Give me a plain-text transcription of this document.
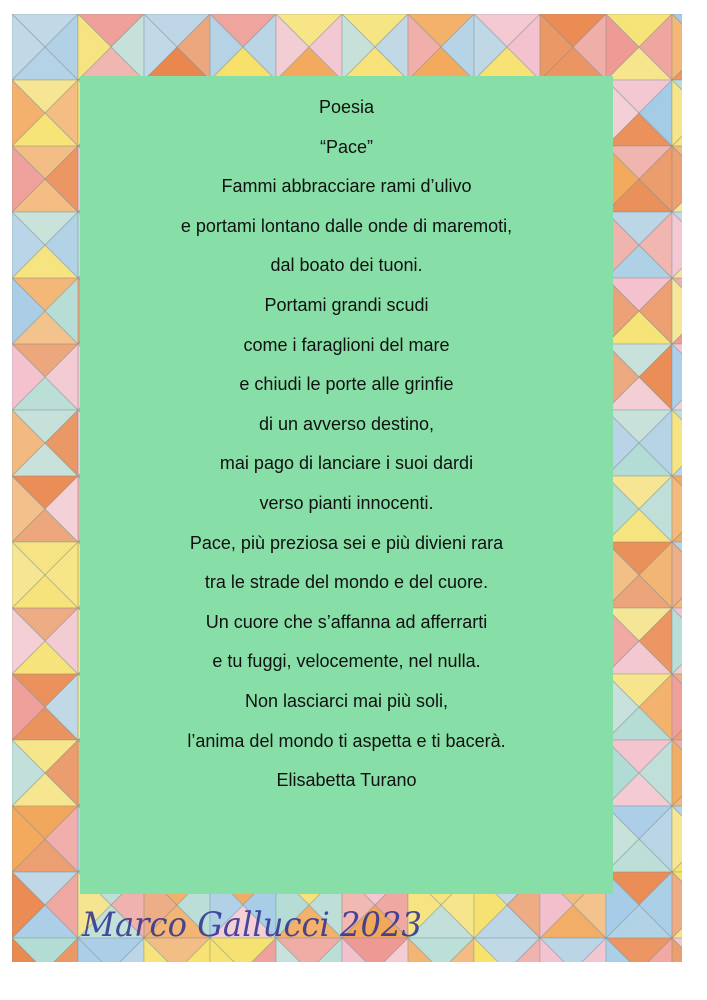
Poesia
“Pace”
Fammi abbracciare rami d’ulivo
e portami lontano dalle onde di maremoti,
dal boato dei tuoni.
Portami grandi scudi
come i faraglioni del mare
e chiudi le porte alle grinfie
di un avverso destino,
mai pago di lanciare i suoi dardi
verso pianti innocenti.
Pace, più preziosa sei e più divieni rara
tra le strade del mondo e del cuore.
Un cuore che s’affanna ad afferrarti
e tu fuggi, velocemente, nel nulla.
Non lasciarci mai più soli,
l’anima del mondo ti aspetta e ti bacerà.
Elisabetta Turano
Marco Gallucci 2023
